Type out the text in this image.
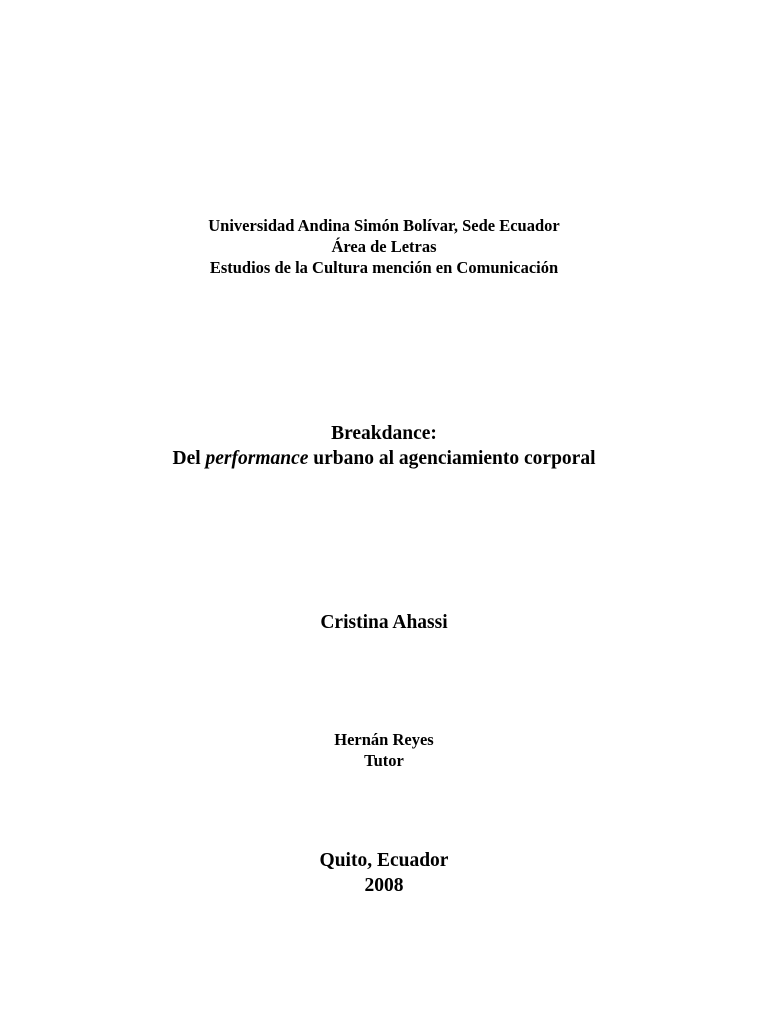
Universidad Andina Simón Bolívar, Sede Ecuador
Área de Letras
Estudios de la Cultura mención en Comunicación
Breakdance:
Del performance urbano al agenciamiento corporal
Cristina Ahassi
Hernán Reyes
Tutor
Quito, Ecuador
2008
